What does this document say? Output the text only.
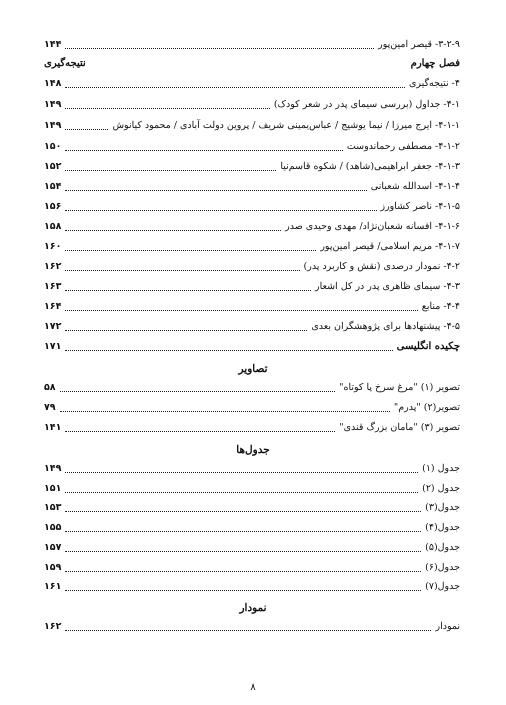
۳-۲-۹- قیصر امین‌پور
۱۴۴
فصل چهارم
نتیجه‌گیری
۴- نتیجه‌گیری
۱۴۸
۴-۱- جداول (بررسی سیمای پدر در شعر کودک)
۱۴۹
۴-۱-۱- ایرج میرزا / نیما یوشیج / عباس‌یمینی شریف / پروین دولت آبادی / محمود کیانوش
۱۴۹
۴-۱-۲- مصطفی رحماندوست
۱۵۰
۴-۱-۳- جعفر ابراهیمی(شاهد) / شکوه قاسم‌نیا
۱۵۲
۴-۱-۴- اسدالله شعبانی
۱۵۴
۴-۱-۵- ناصر کشاورز
۱۵۶
۴-۱-۶- افسانه شعبان‌نژاد/ مهدی وحیدی صدر
۱۵۸
۴-۱-۷- مریم اسلامی/ قیصر امین‌پور
۱۶۰
۴-۲- نمودار درصدی (نقش و کاربرد پدر)
۱۶۲
۴-۳- سیمای ظاهری پدر در کل اشعار
۱۶۳
۴-۴- منابع
۱۶۴
۴-۵- پیشنهادها برای پژوهشگران بعدی
۱۷۲
چکیده انگلیسی
۱۷۱
تصاویر
تصویر (۱) "مرغ سرخ پا کوتاه"
۵۸
تصویر(۲) "پدرم"
۷۹
تصویر (۳) "مامان بزرگ قندی"
۱۴۱
جدول‌ها
جدول (۱)
۱۴۹
جدول (۲)
۱۵۱
جدول(۳)
۱۵۳
جدول(۴)
۱۵۵
جدول(۵)
۱۵۷
جدول(۶)
۱۵۹
جدول(۷)
۱۶۱
نمودار
نمودار
۱۶۲
۸
